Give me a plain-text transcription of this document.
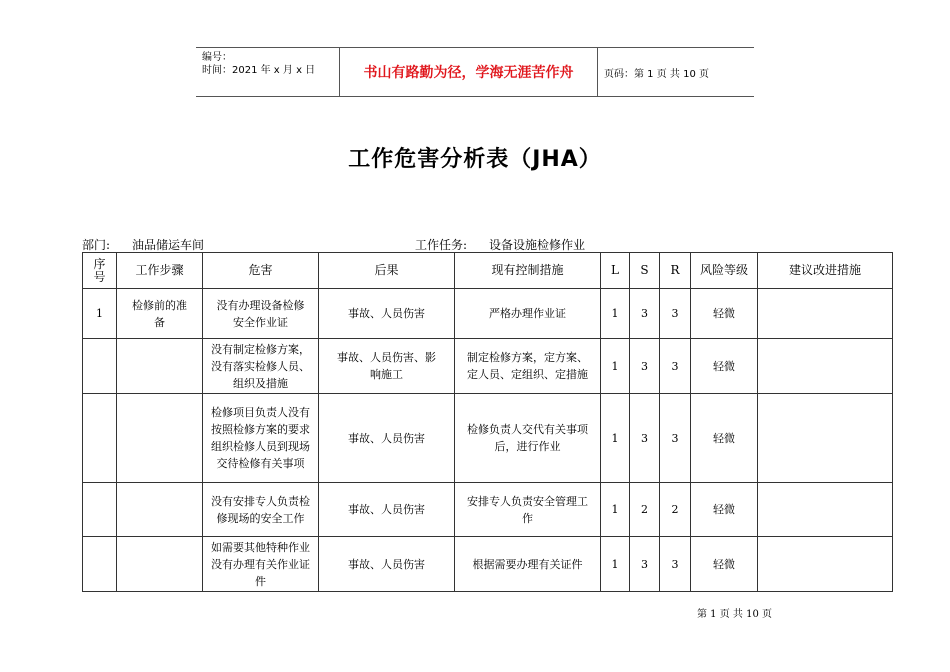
编号：
时间：2021 年 x 月 x 日	书山有路勤为径，学海无涯苦作舟	页码：第 1 页 共 10 页
工作危害分析表（JHA）
部门: 油品储运车间	工作任务: 设备设施检修作业
序号	工作步骤	危害	后果	现有控制措施	L	S	R	风险等级	建议改进措施
1	检修前的准备	没有办理设备检修安全作业证	事故、人员伤害	严格办理作业证	1	3	3	轻微	
		没有制定检修方案，没有落实检修人员、组织及措施	事故、人员伤害、影响施工	制定检修方案，定方案、定人员、定组织、定措施	1	3	3	轻微	
		检修项目负责人没有按照检修方案的要求组织检修人员到现场交待检修有关事项	事故、人员伤害	检修负责人交代有关事项后，进行作业	1	3	3	轻微	
		没有安排专人负责检修现场的安全工作	事故、人员伤害	安排专人负责安全管理工作	1	2	2	轻微	
		如需要其他特种作业没有办理有关作业证件	事故、人员伤害	根据需要办理有关证件	1	3	3	轻微	
第 1 页 共 10 页
